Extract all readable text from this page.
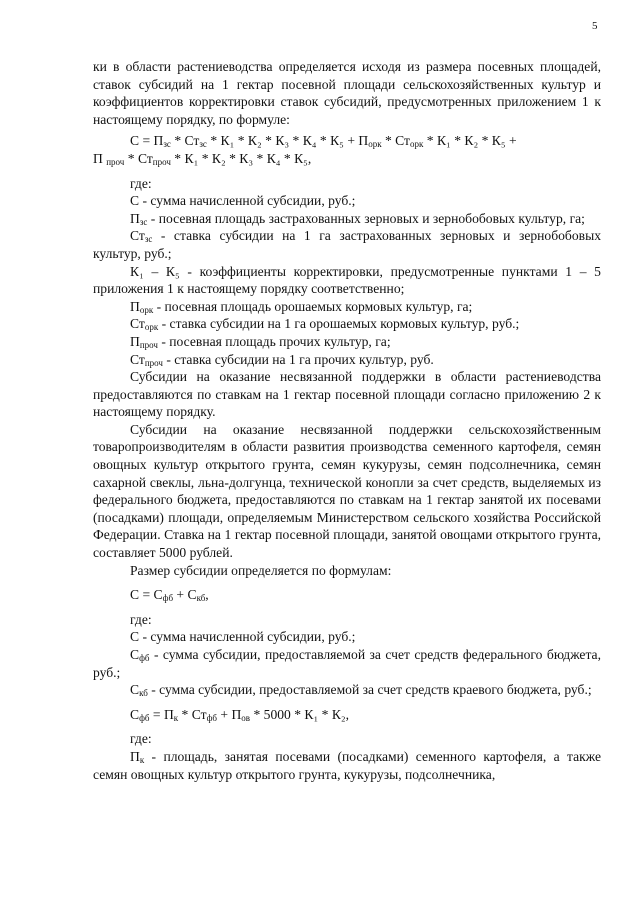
5

ки в области растениеводства определяется исходя из размера посевных площадей, ставок субсидий на 1 гектар посевной площади сельскохозяйственных культур и коэффициентов корректировки ставок субсидий, предусмотренных приложением 1 к настоящему порядку, по формуле:

$С = П_{зс} * Ст_{зс} * К_1 * К_2 * К_3 * К_4 * К_5 + П_{орк} * Ст_{орк} * К_1 * К_2 * К_5$ +

П $_{проч} * Ст_{проч} * К_1 * К_2 * К_3 * К_4 * К_5$,

где:

С - сумма начисленной субсидии, руб.;

$П_{зс}$ - посевная площадь застрахованных зерновых и зернобобовых культур, га;

$Ст_{зс}$ - ставка субсидии на 1 га застрахованных зерновых и зернобобовых культур, руб.;

К₁ – К₅ - коэффициенты корректировки, предусмотренные пунктами 1 – 5 приложения 1 к настоящему порядку соответственно;

$П_{орк}$ - посевная площадь орошаемых кормовых культур, га;

$Ст_{орк}$ - ставка субсидии на 1 га орошаемых кормовых культур, руб.;

$П_{проч}$ - посевная площадь прочих культур, га;

$Ст_{проч}$ - ставка субсидии на 1 га прочих культур, руб.

Субсидии на оказание несвязанной поддержки в области растениеводства предоставляются по ставкам на 1 гектар посевной площади согласно приложению 2 к настоящему порядку.

Субсидии на оказание несвязанной поддержки сельскохозяйственным товаропроизводителям в области развития производства семенного картофеля, семян овощных культур открытого грунта, семян кукурузы, семян подсолнечника, семян сахарной свеклы, льна-долгунца, технической конопли за счет средств, выделяемых из федерального бюджета, предоставляются по ставкам на 1 гектар занятой их посевами (посадками) площади, определяемым Министерством сельского хозяйства Российской Федерации. Ставка на 1 гектар посевной площади, занятой овощами открытого грунта, составляет 5000 рублей.

Размер субсидии определяется по формулам:

$С = С_{фб} + С_{кб}$,

где:

С - сумма начисленной субсидии, руб.;

$С_{фб}$ - сумма субсидии, предоставляемой за счет средств федерального бюджета, руб.;

$С_{кб}$ - сумма субсидии, предоставляемой за счет средств краевого бюджета, руб.;

$С_{фб} = П_к * Ст_{фб} + П_{ов} * 5000 * К_1 * К_2$,

где:

$П_к$ - площадь, занятая посевами (посадками) семенного картофеля, а также семян овощных культур открытого грунта, кукурузы, подсолнечника,
